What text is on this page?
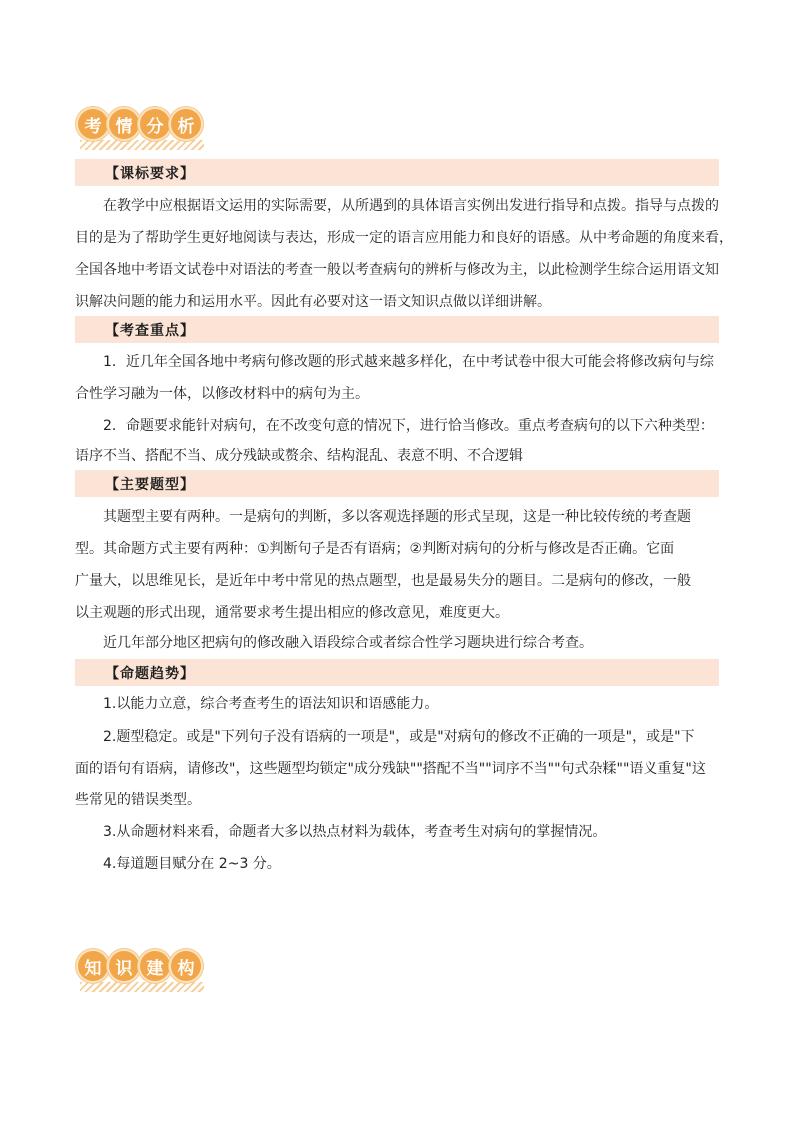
考 情 分 析
【课标要求】
在教学中应根据语文运用的实际需要，从所遇到的具体语言实例出发进行指导和点拨。指导与点拨的
目的是为了帮助学生更好地阅读与表达，形成一定的语言应用能力和良好的语感。从中考命题的角度来看，
全国各地中考语文试卷中对语法的考查一般以考查病句的辨析与修改为主，以此检测学生综合运用语文知
识解决问题的能力和运用水平。因此有必要对这一语文知识点做以详细讲解。
【考查重点】
1．近几年全国各地中考病句修改题的形式越来越多样化，在中考试卷中很大可能会将修改病句与综
合性学习融为一体，以修改材料中的病句为主。
2．命题要求能针对病句，在不改变句意的情况下，进行恰当修改。重点考查病句的以下六种类型：
语序不当、搭配不当、成分残缺或赘余、结构混乱、表意不明、不合逻辑
【主要题型】
其题型主要有两种。一是病句的判断，多以客观选择题的形式呈现，这是一种比较传统的考查题
型。其命题方式主要有两种：①判断句子是否有语病；②判断对病句的分析与修改是否正确。它面
广量大，以思维见长，是近年中考中常见的热点题型，也是最易失分的题目。二是病句的修改，一般
以主观题的形式出现，通常要求考生提出相应的修改意见，难度更大。
近几年部分地区把病句的修改融入语段综合或者综合性学习题块进行综合考查。
【命题趋势】
1.以能力立意，综合考查考生的语法知识和语感能力。
2.题型稳定。或是"下列句子没有语病的一项是"，或是"对病句的修改不正确的一项是"，或是"下
面的语句有语病，请修改"，这些题型均锁定"成分残缺""搭配不当""词序不当""句式杂糅""语义重复"这
些常见的错误类型。
3.从命题材料来看，命题者大多以热点材料为载体，考查考生对病句的掌握情况。
4.每道题目赋分在 2~3 分。
知 识 建 构
